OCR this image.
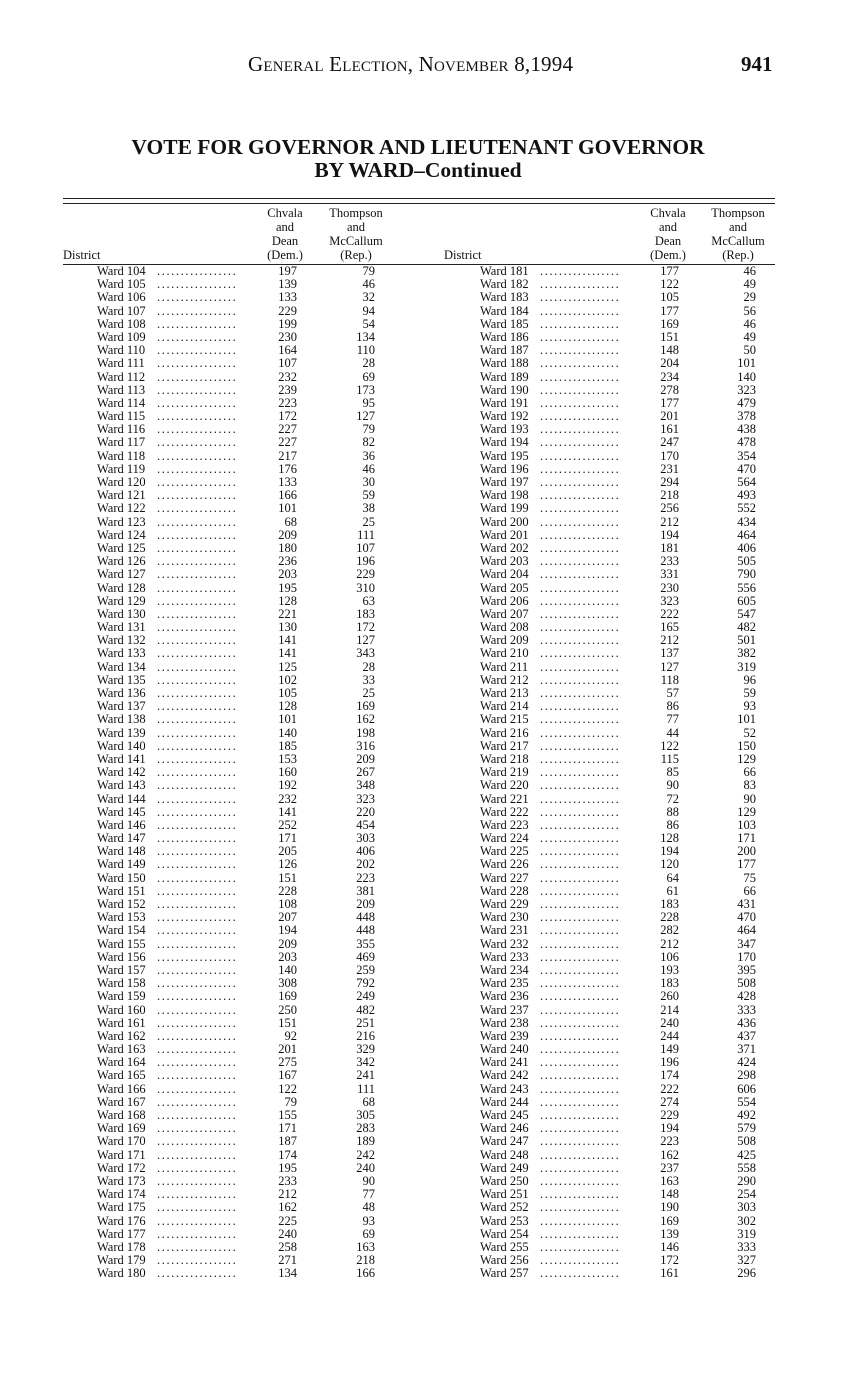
General Election, November 8,1994	941
VOTE FOR GOVERNOR AND LIEUTENANT GOVERNOR
BY WARD–Continued
District
Chvala
and
Dean
(Dem.)
Thompson
and
McCallum
(Rep.)	District
Chvala
and
Dean
(Dem.)
Thompson
and
McCallum
(Rep.)
Ward 104 .................	197	79
Ward 105 .................	139	46
Ward 106 .................	133	32
Ward 107 .................	229	94
Ward 108 .................	199	54
Ward 109 .................	230	134
Ward 110 .................	164	110
Ward 111 .................	107	28
Ward 112 .................	232	69
Ward 113 .................	239	173
Ward 114 .................	223	95
Ward 115 .................	172	127
Ward 116 .................	227	79
Ward 117 .................	227	82
Ward 118 .................	217	36
Ward 119 .................	176	46
Ward 120 .................	133	30
Ward 121 .................	166	59
Ward 122 .................	101	38
Ward 123 .................	68	25
Ward 124 .................	209	111
Ward 125 .................	180	107
Ward 126 .................	236	196
Ward 127 .................	203	229
Ward 128 .................	195	310
Ward 129 .................	128	63
Ward 130 .................	221	183
Ward 131 .................	130	172
Ward 132 .................	141	127
Ward 133 .................	141	343
Ward 134 .................	125	28
Ward 135 .................	102	33
Ward 136 .................	105	25
Ward 137 .................	128	169
Ward 138 .................	101	162
Ward 139 .................	140	198
Ward 140 .................	185	316
Ward 141 .................	153	209
Ward 142 .................	160	267
Ward 143 .................	192	348
Ward 144 .................	232	323
Ward 145 .................	141	220
Ward 146 .................	252	454
Ward 147 .................	171	303
Ward 148 .................	205	406
Ward 149 .................	126	202
Ward 150 .................	151	223
Ward 151 .................	228	381
Ward 152 .................	108	209
Ward 153 .................	207	448
Ward 154 .................	194	448
Ward 155 .................	209	355
Ward 156 .................	203	469
Ward 157 .................	140	259
Ward 158 .................	308	792
Ward 159 .................	169	249
Ward 160 .................	250	482
Ward 161 .................	151	251
Ward 162 .................	92	216
Ward 163 .................	201	329
Ward 164 .................	275	342
Ward 165 .................	167	241
Ward 166 .................	122	111
Ward 167 .................	79	68
Ward 168 .................	155	305
Ward 169 .................	171	283
Ward 170 .................	187	189
Ward 171 .................	174	242
Ward 172 .................	195	240
Ward 173 .................	233	90
Ward 174 .................	212	77
Ward 175 .................	162	48
Ward 176 .................	225	93
Ward 177 .................	240	69
Ward 178 .................	258	163
Ward 179 .................	271	218
Ward 180 .................	134	166
Ward 181 .................	177	46
Ward 182 .................	122	49
Ward 183 .................	105	29
Ward 184 .................	177	56
Ward 185 .................	169	46
Ward 186 .................	151	49
Ward 187 .................	148	50
Ward 188 .................	204	101
Ward 189 .................	234	140
Ward 190 .................	278	323
Ward 191 .................	177	479
Ward 192 .................	201	378
Ward 193 .................	161	438
Ward 194 .................	247	478
Ward 195 .................	170	354
Ward 196 .................	231	470
Ward 197 .................	294	564
Ward 198 .................	218	493
Ward 199 .................	256	552
Ward 200 .................	212	434
Ward 201 .................	194	464
Ward 202 .................	181	406
Ward 203 .................	233	505
Ward 204 .................	331	790
Ward 205 .................	230	556
Ward 206 .................	323	605
Ward 207 .................	222	547
Ward 208 .................	165	482
Ward 209 .................	212	501
Ward 210 .................	137	382
Ward 211 .................	127	319
Ward 212 .................	118	96
Ward 213 .................	57	59
Ward 214 .................	86	93
Ward 215 .................	77	101
Ward 216 .................	44	52
Ward 217 .................	122	150
Ward 218 .................	115	129
Ward 219 .................	85	66
Ward 220 .................	90	83
Ward 221 .................	72	90
Ward 222 .................	88	129
Ward 223 .................	86	103
Ward 224 .................	128	171
Ward 225 .................	194	200
Ward 226 .................	120	177
Ward 227 .................	64	75
Ward 228 .................	61	66
Ward 229 .................	183	431
Ward 230 .................	228	470
Ward 231 .................	282	464
Ward 232 .................	212	347
Ward 233 .................	106	170
Ward 234 .................	193	395
Ward 235 .................	183	508
Ward 236 .................	260	428
Ward 237 .................	214	333
Ward 238 .................	240	436
Ward 239 .................	244	437
Ward 240 .................	149	371
Ward 241 .................	196	424
Ward 242 .................	174	298
Ward 243 .................	222	606
Ward 244 .................	274	554
Ward 245 .................	229	492
Ward 246 .................	194	579
Ward 247 .................	223	508
Ward 248 .................	162	425
Ward 249 .................	237	558
Ward 250 .................	163	290
Ward 251 .................	148	254
Ward 252 .................	190	303
Ward 253 .................	169	302
Ward 254 .................	139	319
Ward 255 .................	146	333
Ward 256 .................	172	327
Ward 257 .................	161	296
